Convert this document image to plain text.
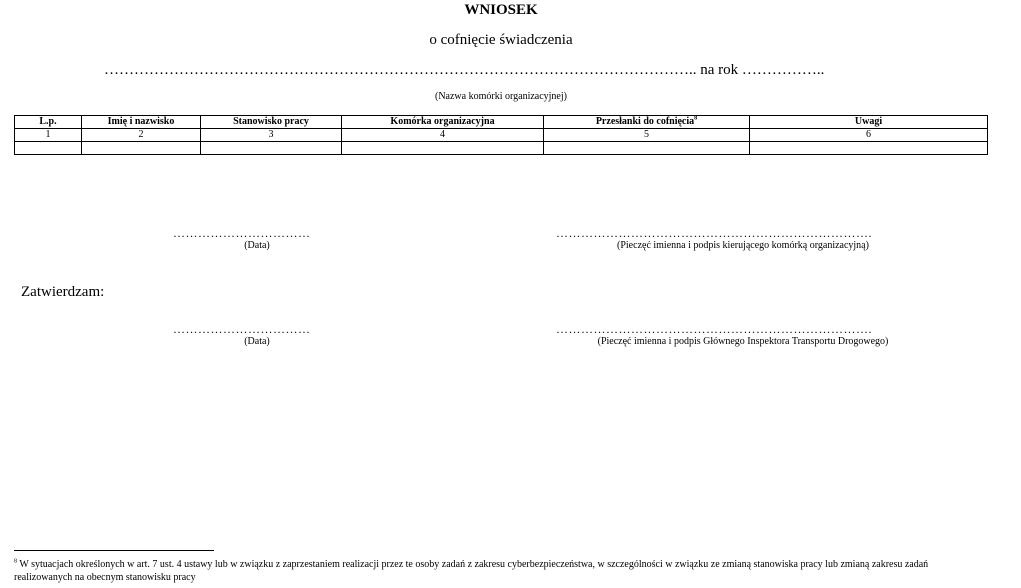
WNIOSEK
o cofnięcie świadczenia
……………………………………………………………………………………………………….. na rok ……………..
(Nazwa komórki organizacyjnej)
L.p.	Imię i nazwisko	Stanowisko pracy	Komórka organizacyjna	Przesłanki do cofnięcia$^8$	Uwagi
1	2	3	4	5	6

……………………………
(Data)
………………………………………………………………….
(Pieczęć imienna i podpis kierującego komórką organizacyjną)
Zatwierdzam:
……………………………
(Data)
………………………………………………………………….
(Pieczęć imienna i podpis Głównego Inspektora Transportu Drogowego)
$^8$ W sytuacjach określonych w art. 7 ust. 4 ustawy lub w związku z zaprzestaniem realizacji przez te osoby zadań z zakresu cyberbezpieczeństwa, w szczególności w związku ze zmianą stanowiska pracy lub zmianą zakresu zadań realizowanych na obecnym stanowisku pracy
